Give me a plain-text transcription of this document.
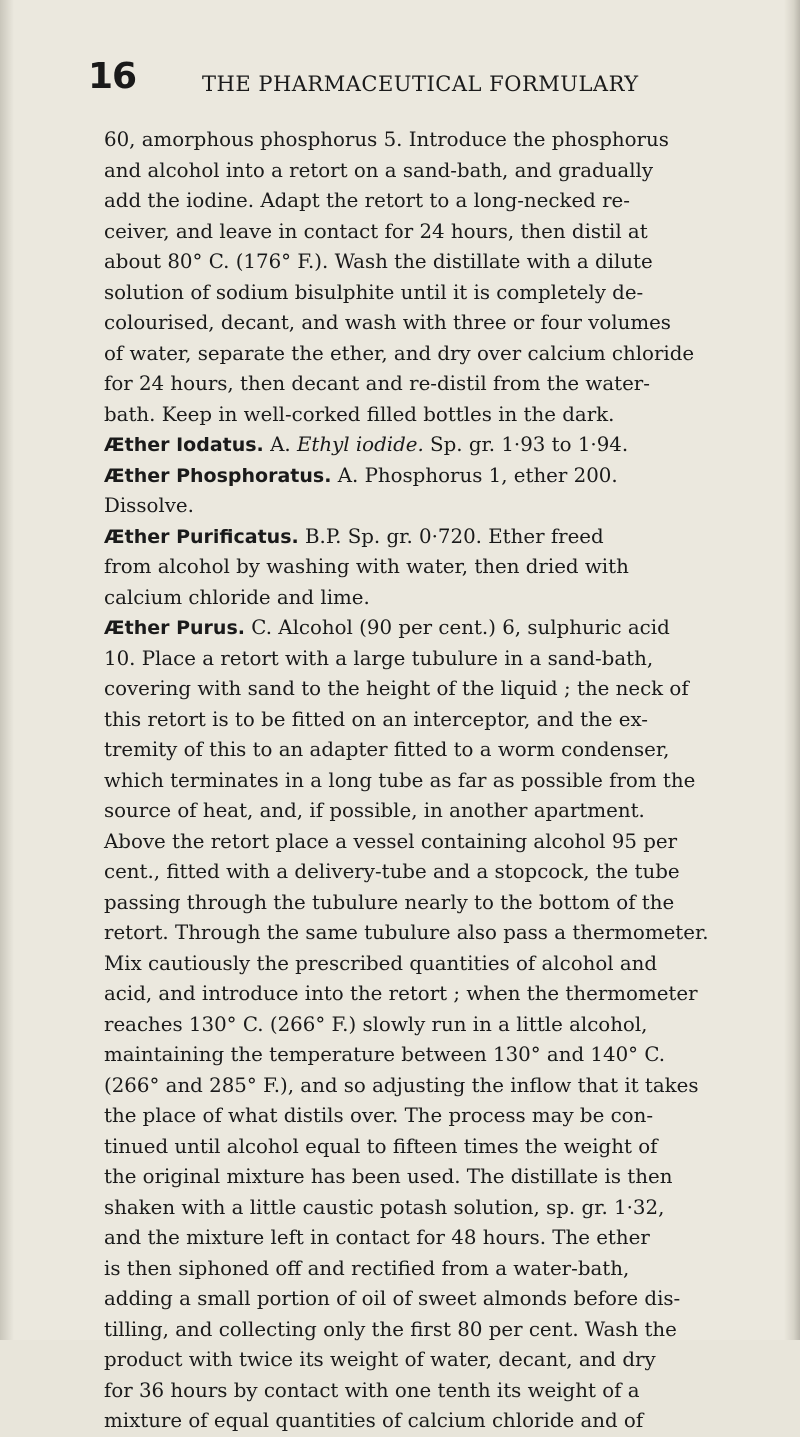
16	THE PHARMACEUTICAL FORMULARY
60, amorphous phosphorus 5. Introduce the phosphorus
and alcohol into a retort on a sand-bath, and gradually
add the iodine. Adapt the retort to a long-necked re-
ceiver, and leave in contact for 24 hours, then distil at
about 80° C. (176° F.). Wash the distillate with a dilute
solution of sodium bisulphite until it is completely de-
colourised, decant, and wash with three or four volumes
of water, separate the ether, and dry over calcium chloride
for 24 hours, then decant and re-distil from the water-
bath. Keep in well-corked filled bottles in the dark.
Æther Iodatus. A. Ethyl iodide. Sp. gr. 1·93 to 1·94.
Æther Phosphoratus. A. Phosphorus 1, ether 200.
Dissolve.
Æther Purificatus. B.P. Sp. gr. 0·720. Ether freed
from alcohol by washing with water, then dried with
calcium chloride and lime.
Æther Purus. C. Alcohol (90 per cent.) 6, sulphuric acid
10. Place a retort with a large tubulure in a sand-bath,
covering with sand to the height of the liquid ; the neck of
this retort is to be fitted on an interceptor, and the ex-
tremity of this to an adapter fitted to a worm condenser,
which terminates in a long tube as far as possible from the
source of heat, and, if possible, in another apartment.
Above the retort place a vessel containing alcohol 95 per
cent., fitted with a delivery-tube and a stopcock, the tube
passing through the tubulure nearly to the bottom of the
retort. Through the same tubulure also pass a thermometer.
Mix cautiously the prescribed quantities of alcohol and
acid, and introduce into the retort ; when the thermometer
reaches 130° C. (266° F.) slowly run in a little alcohol,
maintaining the temperature between 130° and 140° C.
(266° and 285° F.), and so adjusting the inflow that it takes
the place of what distils over. The process may be con-
tinued until alcohol equal to fifteen times the weight of
the original mixture has been used. The distillate is then
shaken with a little caustic potash solution, sp. gr. 1·32,
and the mixture left in contact for 48 hours. The ether
is then siphoned off and rectified from a water-bath,
adding a small portion of oil of sweet almonds before dis-
tilling, and collecting only the first 80 per cent. Wash the
product with twice its weight of water, decant, and dry
for 36 hours by contact with one tenth its weight of a
mixture of equal quantities of calcium chloride and of
